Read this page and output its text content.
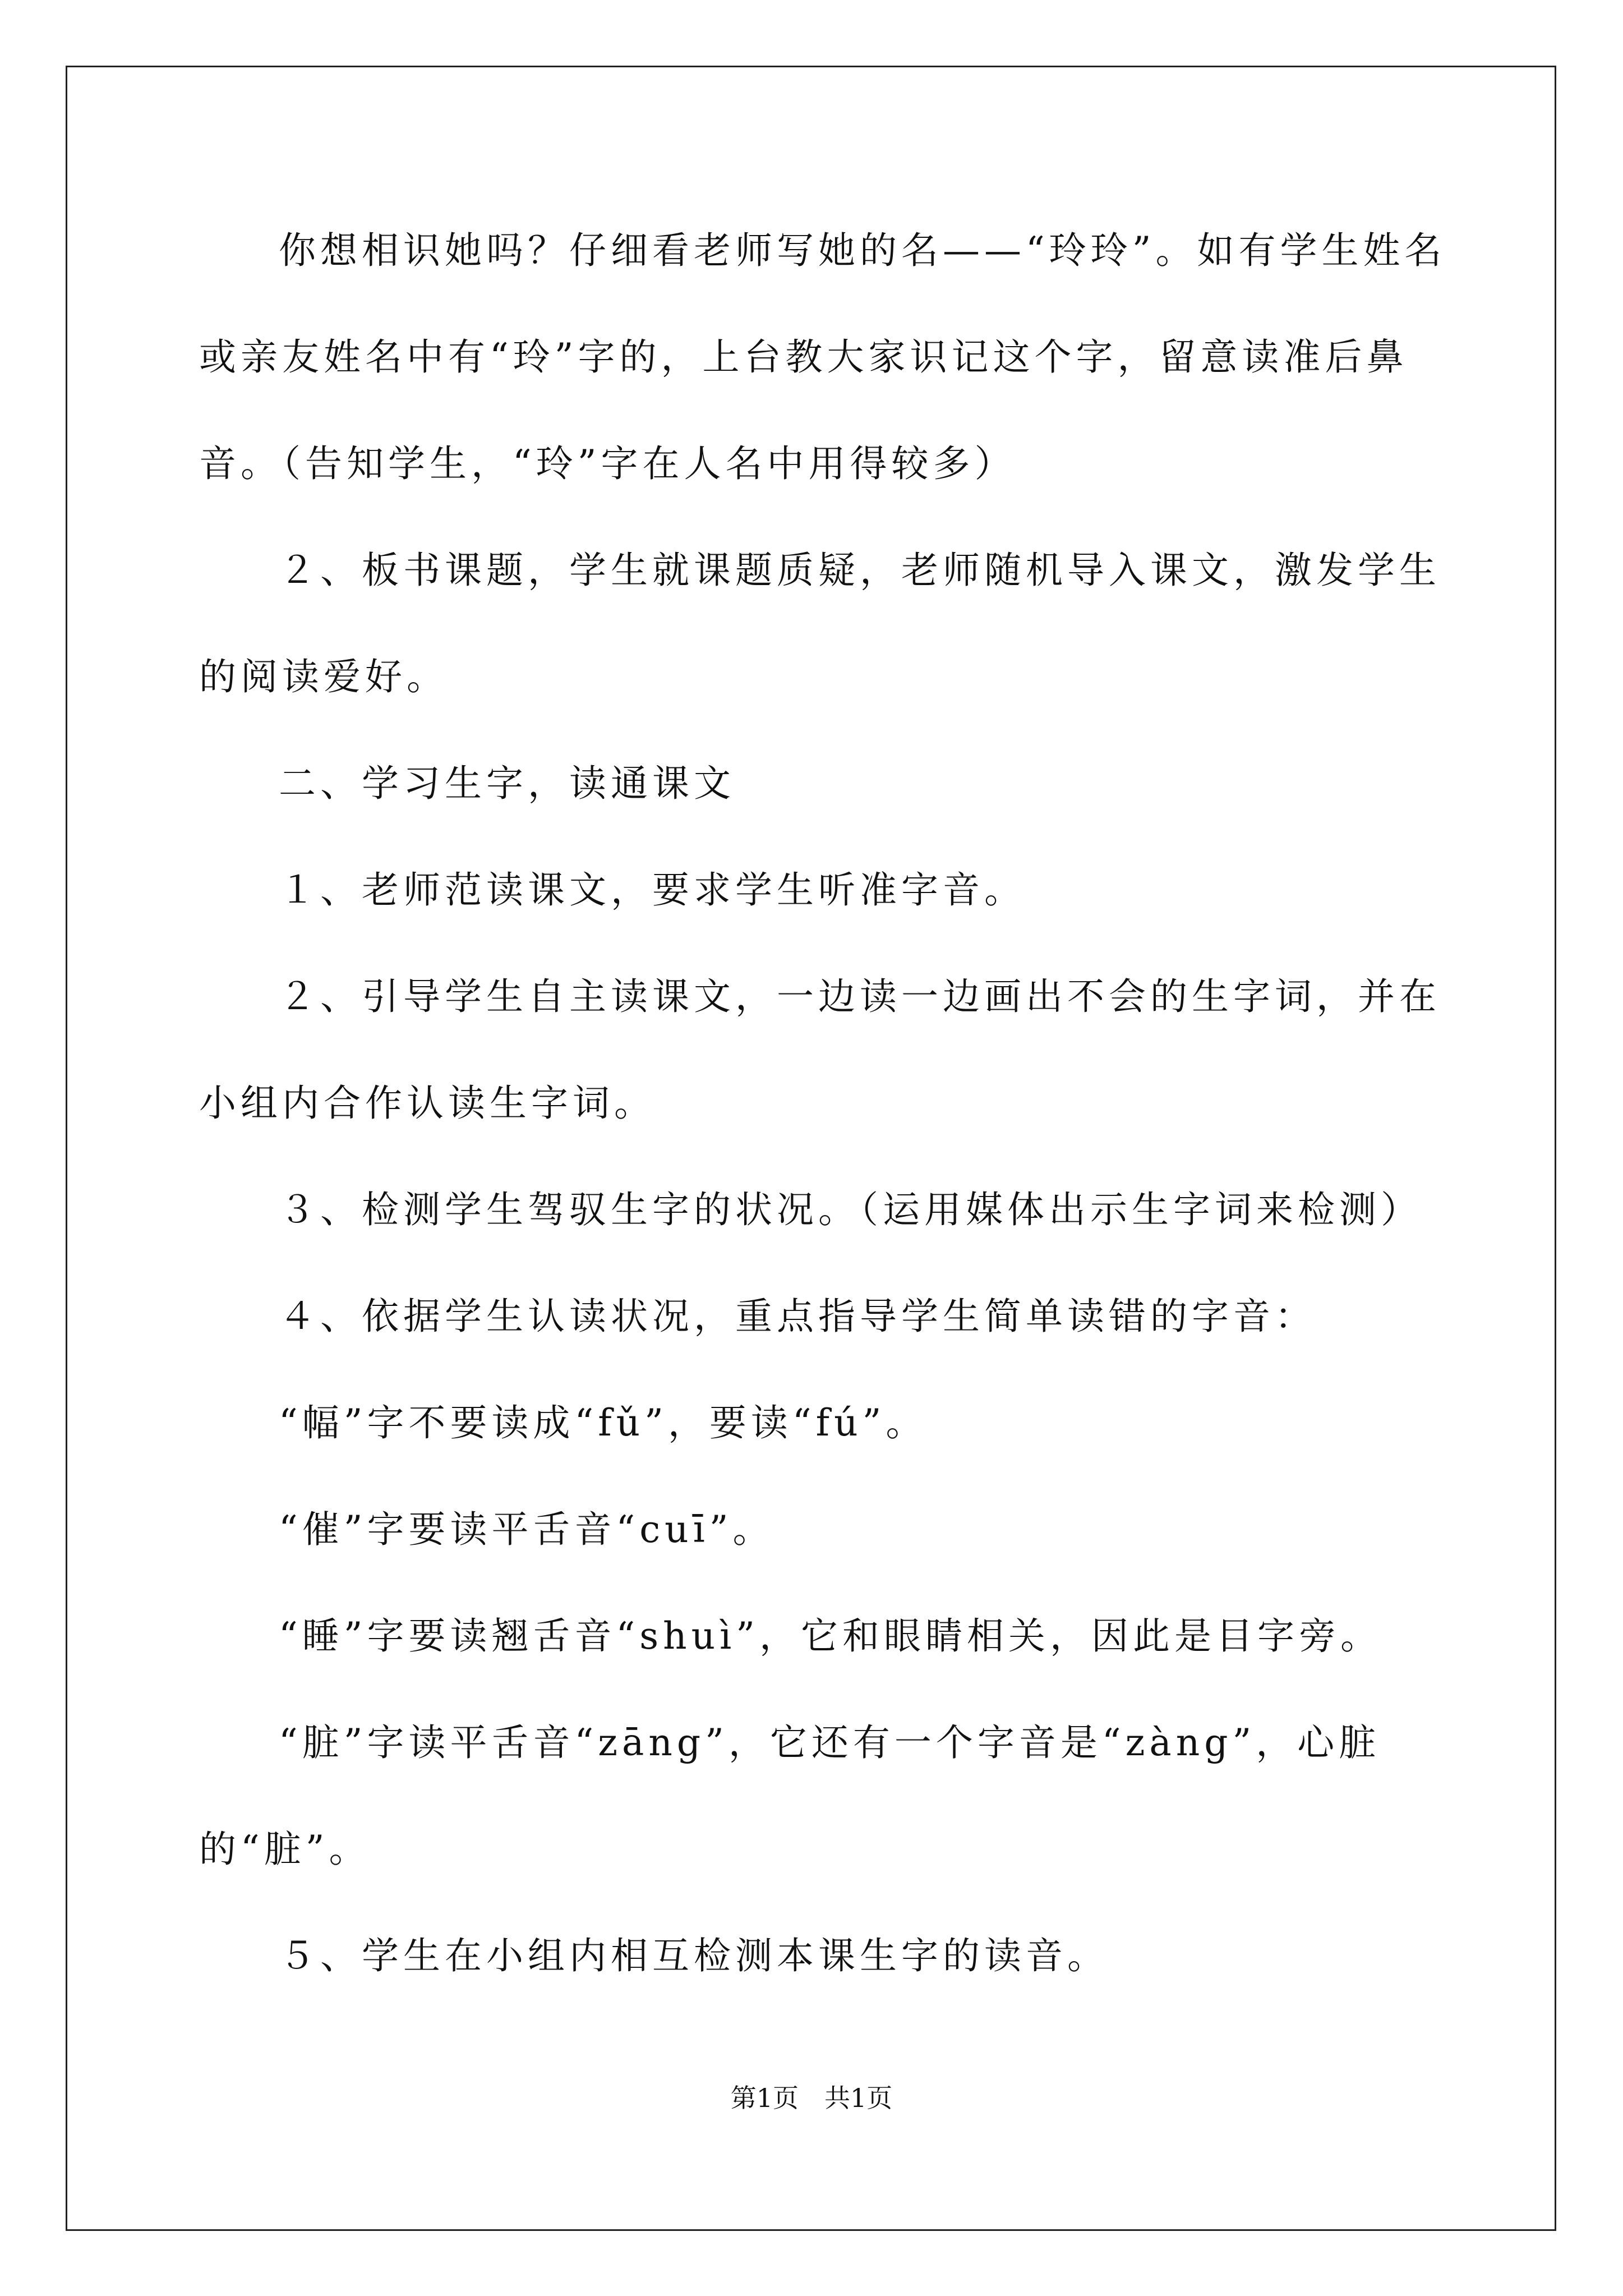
你想相识她吗？仔细看老师写她的名——“玲玲”。如有学生姓名
或亲友姓名中有“玲”字的，上台教大家识记这个字，留意读准后鼻
音。（告知学生，“玲”字在人名中用得较多）
２、板书课题，学生就课题质疑，老师随机导入课文，激发学生
的阅读爱好。
二、学习生字，读通课文
１、老师范读课文，要求学生听准字音。
２、引导学生自主读课文，一边读一边画出不会的生字词，并在
小组内合作认读生字词。
３、检测学生驾驭生字的状况。（运用媒体出示生字词来检测）
４、依据学生认读状况，重点指导学生简单读错的字音：
“幅”字不要读成“fǔ”，要读“fú”。
“催”字要读平舌音“cuī”。
“睡”字要读翘舌音“shuì”，它和眼睛相关，因此是目字旁。
“脏”字读平舌音“zāng”，它还有一个字音是“zàng”，心脏
的“脏”。
５、学生在小组内相互检测本课生字的读音。
第1页　共1页
